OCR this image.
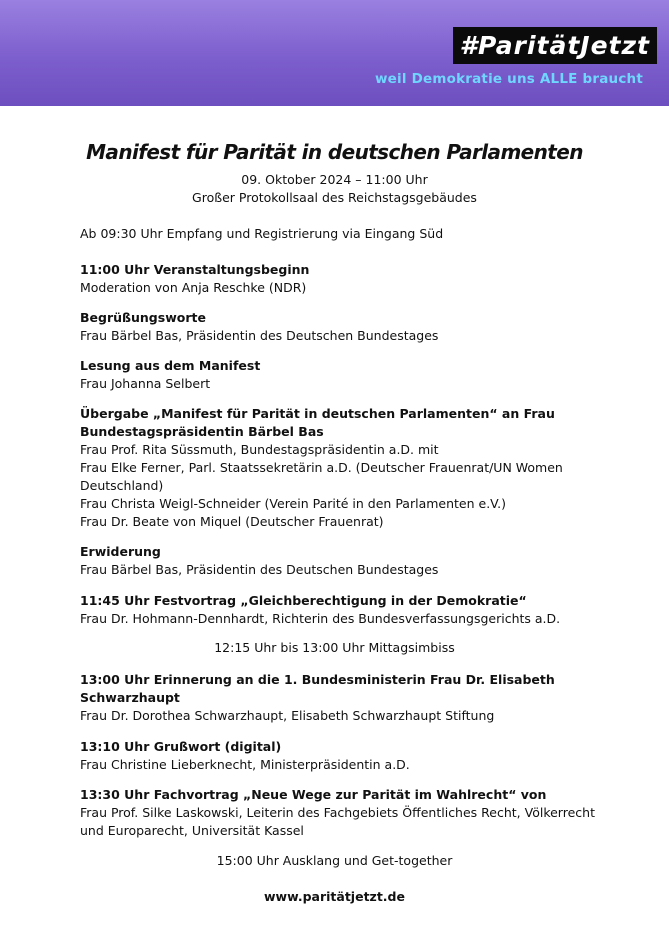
#ParitätJetzt
weil Demokratie uns ALLE braucht
Manifest für Parität in deutschen Parlamenten
09. Oktober 2024 – 11:00 Uhr
Großer Protokollsaal des Reichstagsgebäudes
Ab 09:30 Uhr Empfang und Registrierung via Eingang Süd
11:00 Uhr Veranstaltungsbeginn
Moderation von Anja Reschke (NDR)
Begrüßungsworte
Frau Bärbel Bas, Präsidentin des Deutschen Bundestages
Lesung aus dem Manifest
Frau Johanna Selbert
Übergabe „Manifest für Parität in deutschen Parlamenten“ an Frau
Bundestagspräsidentin Bärbel Bas
Frau Prof. Rita Süssmuth, Bundestagspräsidentin a.D. mit
Frau Elke Ferner, Parl. Staatssekretärin a.D. (Deutscher Frauenrat/UN Women
Deutschland)
Frau Christa Weigl-Schneider (Verein Parité in den Parlamenten e.V.)
Frau Dr. Beate von Miquel (Deutscher Frauenrat)
Erwiderung
Frau Bärbel Bas, Präsidentin des Deutschen Bundestages
11:45 Uhr Festvortrag „Gleichberechtigung in der Demokratie“
Frau Dr. Hohmann-Dennhardt, Richterin des Bundesverfassungsgerichts a.D.
12:15 Uhr bis 13:00 Uhr Mittagsimbiss
13:00 Uhr Erinnerung an die 1. Bundesministerin Frau Dr. Elisabeth
Schwarzhaupt
Frau Dr. Dorothea Schwarzhaupt, Elisabeth Schwarzhaupt Stiftung
13:10 Uhr Grußwort (digital)
Frau Christine Lieberknecht, Ministerpräsidentin a.D.
13:30 Uhr Fachvortrag „Neue Wege zur Parität im Wahlrecht“ von
Frau Prof. Silke Laskowski, Leiterin des Fachgebiets Öffentliches Recht, Völkerrecht
und Europarecht, Universität Kassel
15:00 Uhr Ausklang und Get-together
www.paritätjetzt.de
